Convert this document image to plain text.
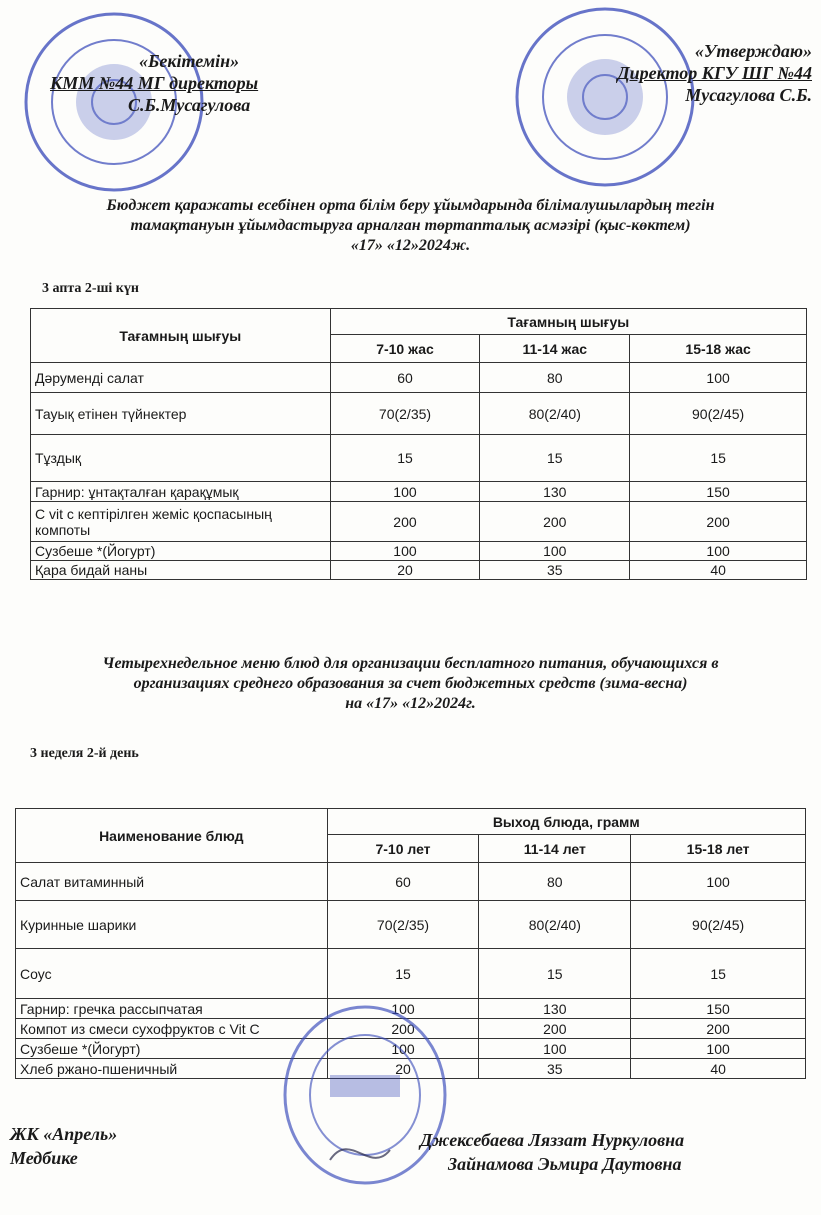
«Бекітемін»
КММ №44 МГ директоры
С.Б.Мусагулова
«Утверждаю»
Директор КГУ ШГ №44
Мусагулова С.Б.
Бюджет қаражаты есебінен орта білім беру ұйымдарында білімалушылардың тегін
тамақтануын ұйымдастыруға арналған төртапталық асмәзірі (қыс-көктем)
«17» «12»2024ж.
3 апта 2-ші күн
Тағамның шығуы	Тағамның шығуы		
	7-10 жас	11-14 жас	15-18 жас
Дәруменді салат	60	80	100
Тауық етінен түйнектер	70(2/35)	80(2/40)	90(2/45)
Тұздық	15	15	15
Гарнир: ұнтақталған қарақұмық	100	130	150
С vit с кептірілген жеміс қоспасының компоты	200	200	200
Сузбеше *(Йогурт)	100	100	100
Қара бидай наны	20	35	40
Четырехнедельное меню блюд для организации бесплатного питания, обучающихся в
организациях среднего образования за счет бюджетных средств (зима-весна)
на «17» «12»2024г.
3 неделя 2-й день
Наименование блюд	Выход блюда, грамм		
	7-10 лет	11-14 лет	15-18 лет
Салат витаминный	60	80	100
Куринные шарики	70(2/35)	80(2/40)	90(2/45)
Соус	15	15	15
Гарнир: гречка рассыпчатая	100	130	150
Компот из смеси сухофруктов с Vit C	200	200	200
Сузбеше *(Йогурт)	100	100	100
Хлеб ржано-пшеничный	20	35	40
ЖК «Апрель»
Медбике
Джексебаева Ляззат Нуркуловна
Зайнамова Эьмира Даутовна
